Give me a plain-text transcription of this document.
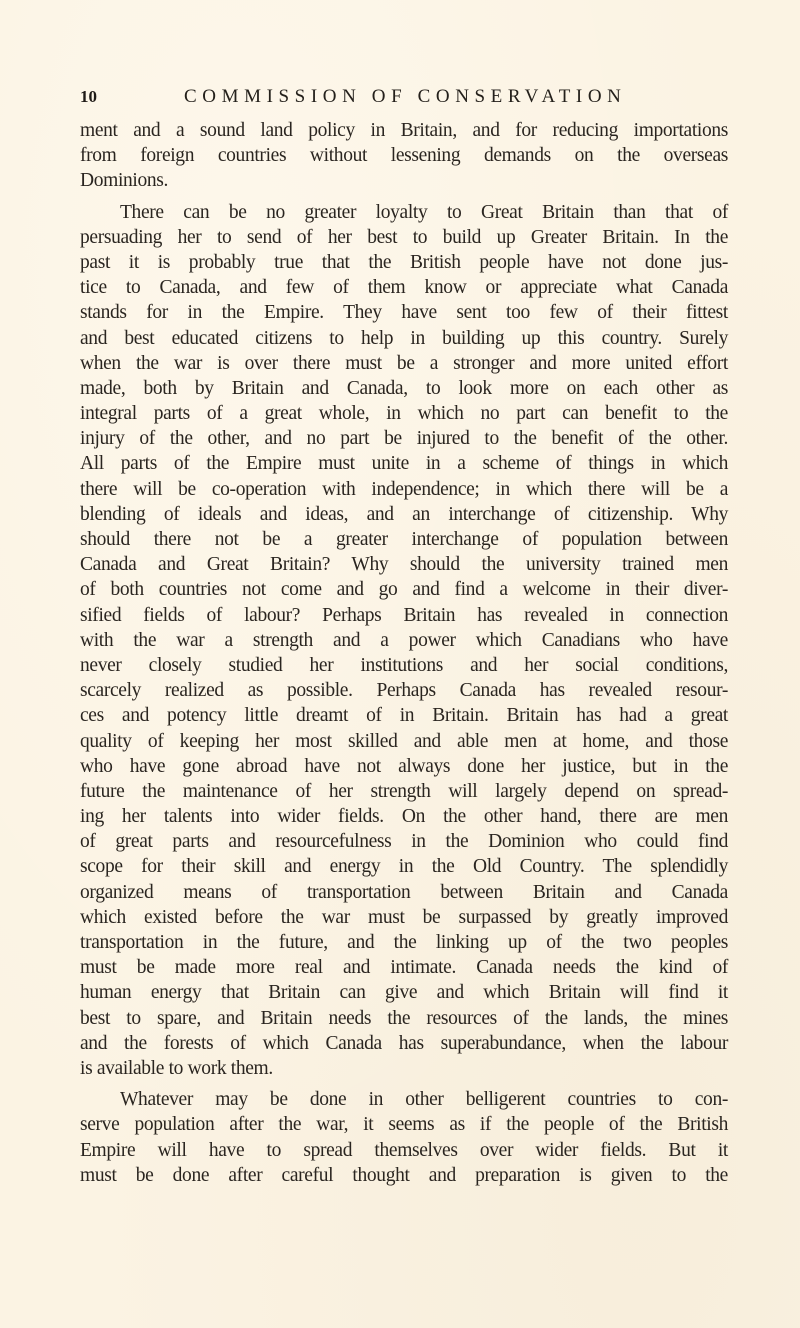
10	COMMISSION OF CONSERVATION
ment and a sound land policy in Britain, and for reducing importations
from foreign countries without lessening demands on the overseas
Dominions.
There can be no greater loyalty to Great Britain than that of
persuading her to send of her best to build up Greater Britain. In the
past it is probably true that the British people have not done jus-
tice to Canada, and few of them know or appreciate what Canada
stands for in the Empire. They have sent too few of their fittest
and best educated citizens to help in building up this country. Surely
when the war is over there must be a stronger and more united effort
made, both by Britain and Canada, to look more on each other as
integral parts of a great whole, in which no part can benefit to the
injury of the other, and no part be injured to the benefit of the other.
All parts of the Empire must unite in a scheme of things in which
there will be co-operation with independence; in which there will be a
blending of ideals and ideas, and an interchange of citizenship. Why
should there not be a greater interchange of population between
Canada and Great Britain? Why should the university trained men
of both countries not come and go and find a welcome in their diver-
sified fields of labour? Perhaps Britain has revealed in connection
with the war a strength and a power which Canadians who have
never closely studied her institutions and her social conditions,
scarcely realized as possible. Perhaps Canada has revealed resour-
ces and potency little dreamt of in Britain. Britain has had a great
quality of keeping her most skilled and able men at home, and those
who have gone abroad have not always done her justice, but in the
future the maintenance of her strength will largely depend on spread-
ing her talents into wider fields. On the other hand, there are men
of great parts and resourcefulness in the Dominion who could find
scope for their skill and energy in the Old Country. The splendidly
organized means of transportation between Britain and Canada
which existed before the war must be surpassed by greatly improved
transportation in the future, and the linking up of the two peoples
must be made more real and intimate. Canada needs the kind of
human energy that Britain can give and which Britain will find it
best to spare, and Britain needs the resources of the lands, the mines
and the forests of which Canada has superabundance, when the labour
is available to work them.
Whatever may be done in other belligerent countries to con-
serve population after the war, it seems as if the people of the British
Empire will have to spread themselves over wider fields. But it
must be done after careful thought and preparation is given to the
